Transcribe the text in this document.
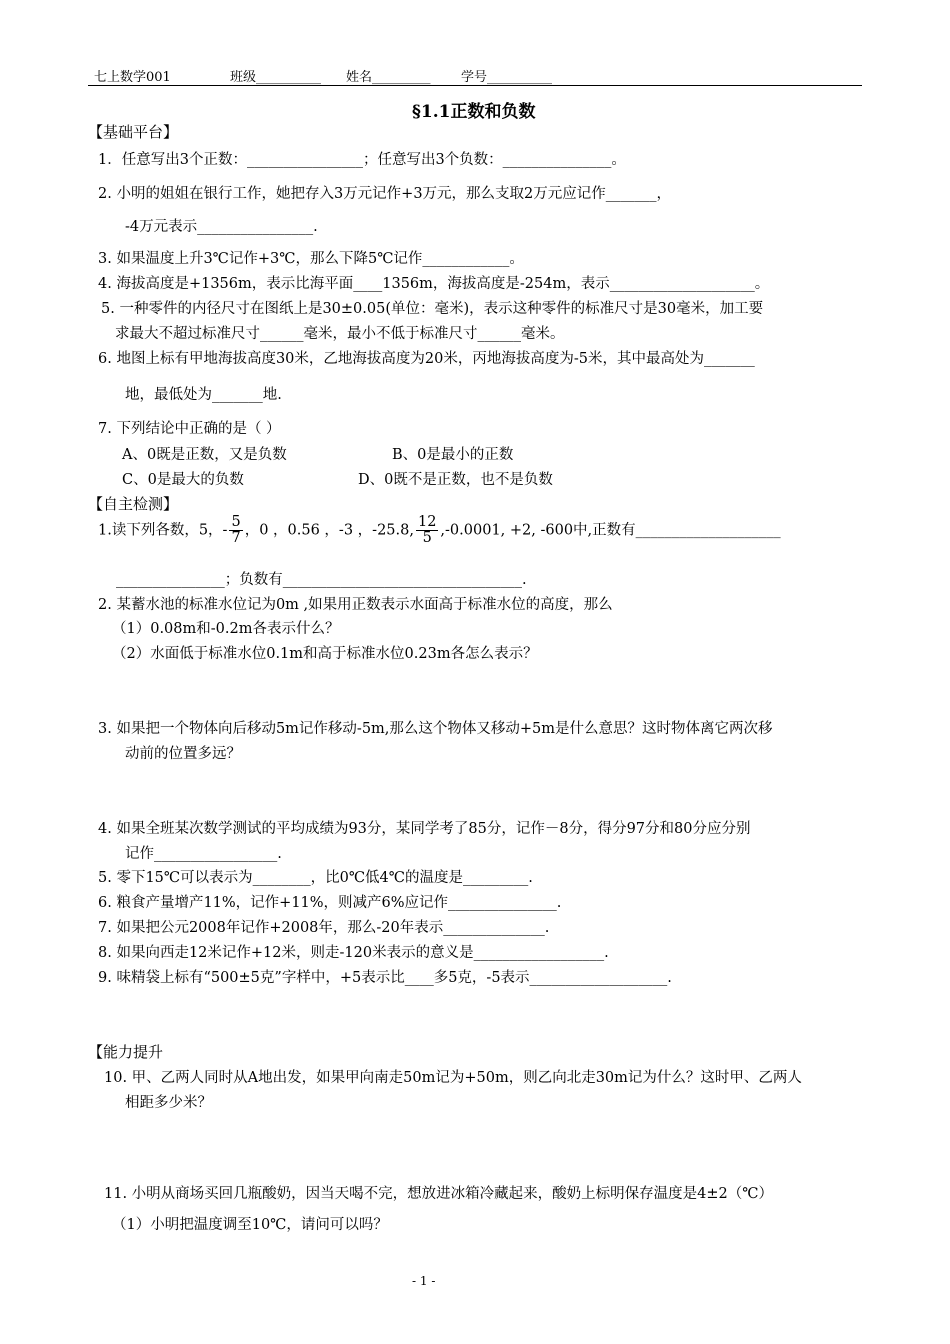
七上数学001	班级__________ 姓名_________ 学号__________
§1.1正数和负数
【基础平台】
1．任意写出3个正数：________________；任意写出3个负数：_______________。
2. 小明的姐姐在银行工作，她把存入3万元记作+3万元，那么支取2万元应记作_______，
-4万元表示________________.
3. 如果温度上升3℃记作+3℃，那么下降5℃记作____________。
4. 海拔高度是+1356m，表示比海平面____1356m，海拔高度是-254m，表示____________________。
5. 一种零件的内径尺寸在图纸上是30±0.05(单位：毫米)，表示这种零件的标准尺寸是30毫米，加工要
求最大不超过标准尺寸______毫米，最小不低于标准尺寸______毫米。
6. 地图上标有甲地海拔高度30米，乙地海拔高度为20米，丙地海拔高度为-5米，其中最高处为_______
地，最低处为_______地.
7. 下列结论中正确的是（ ）
A、0既是正数，又是负数	B、0是最小的正数
C、0是最大的负数	D、0既不是正数，也不是负数
【自主检测】
1.读下列各数，5，- $\frac{5}{7}$ ，0 ，0.56 ，-3 ，-25.8, $\frac{12}{5} ,-0.0001$, +2, -600中,正数有____________________
_______________；负数有_________________________________.
2. 某蓄水池的标准水位记为0m ,如果用正数表示水面高于标准水位的高度，那么
（1）0.08m和-0.2m各表示什么？
（2）水面低于标准水位0.1m和高于标准水位0.23m各怎么表示？
3. 如果把一个物体向后移动5m记作移动-5m,那么这个物体又移动+5m是什么意思？这时物体离它两次移
动前的位置多远？
4. 如果全班某次数学测试的平均成绩为93分，某同学考了85分，记作－8分，得分97分和80分应分别
记作_________________.
5. 零下15℃可以表示为________，比0℃低4℃的温度是_________.
6. 粮食产量增产11%，记作+11%，则减产6%应记作_______________.
7. 如果把公元2008年记作+2008年，那么-20年表示______________.
8. 如果向西走12米记作+12米，则走-120米表示的意义是__________________.
9. 味精袋上标有“500±5克”字样中，+5表示比____多5克，-5表示___________________.
【能力提升
10. 甲、乙两人同时从A地出发，如果甲向南走50m记为+50m，则乙向北走30m记为什么？这时甲、乙两人
相距多少米？
11. 小明从商场买回几瓶酸奶，因当天喝不完，想放进冰箱冷藏起来，酸奶上标明保存温度是4±2（℃）
（1）小明把温度调至10℃，请问可以吗？
- 1 -
